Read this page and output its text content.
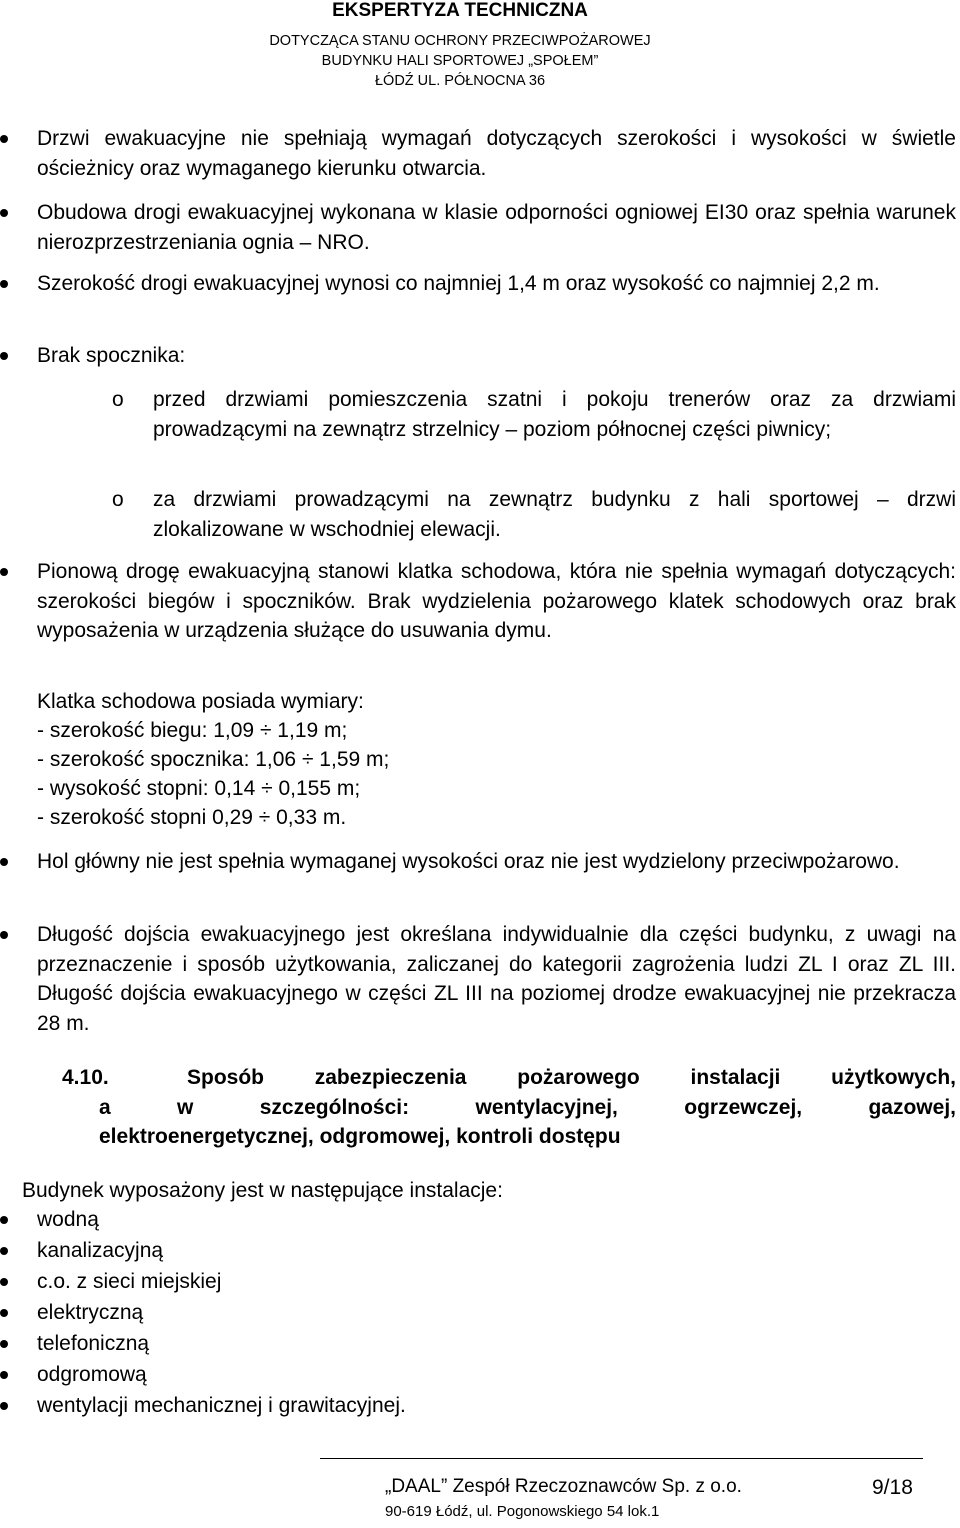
EKSPERTYZA TECHNICZNA
DOTYCZĄCA STANU OCHRONY PRZECIWPOŻAROWEJ
BUDYNKU HALI SPORTOWEJ „SPOŁEM”
ŁÓDŹ UL. PÓŁNOCNA 36
Drzwi ewakuacyjne nie spełniają wymagań dotyczących szerokości i wysokości w świetle ościeżnicy oraz wymaganego kierunku otwarcia.
Obudowa drogi ewakuacyjnej wykonana w klasie odporności ogniowej EI30 oraz spełnia warunek nierozprzestrzeniania ognia – NRO.
Szerokość drogi ewakuacyjnej wynosi co najmniej 1,4 m oraz wysokość co najmniej 2,2 m.
Brak spocznika:
o przed drzwiami pomieszczenia szatni i pokoju trenerów oraz za drzwiami prowadzącymi na zewnątrz strzelnicy – poziom północnej części piwnicy;
o za drzwiami prowadzącymi na zewnątrz budynku z hali sportowej – drzwi zlokalizowane w wschodniej elewacji.
Pionową drogę ewakuacyjną stanowi klatka schodowa, która nie spełnia wymagań dotyczących: szerokości biegów i spoczników. Brak wydzielenia pożarowego klatek schodowych oraz brak wyposażenia w urządzenia służące do usuwania dymu.
Klatka schodowa posiada wymiary:
- szerokość biegu: 1,09 ÷ 1,19 m;
- szerokość spocznika: 1,06 ÷ 1,59 m;
- wysokość stopni: 0,14 ÷ 0,155 m;
- szerokość stopni 0,29 ÷ 0,33 m.
Hol główny nie jest spełnia wymaganej wysokości oraz nie jest wydzielony przeciwpożarowo.
Długość dojścia ewakuacyjnego jest określana indywidualnie dla części budynku, z uwagi na przeznaczenie i sposób użytkowania, zaliczanej do kategorii zagrożenia ludzi ZL I oraz ZL III. Długość dojścia ewakuacyjnego w części ZL III na poziomej drodze ewakuacyjnej nie przekracza 28 m.
4.10.	Sposób zabezpieczenia pożarowego instalacji użytkowych,
a w szczególności: wentylacyjnej, ogrzewczej, gazowej,
elektroenergetycznej, odgromowej, kontroli dostępu
Budynek wyposażony jest w następujące instalacje:
wodną
kanalizacyjną
c.o. z sieci miejskiej
elektryczną
telefoniczną
odgromową
wentylacji mechanicznej i grawitacyjnej.
„DAAL” Zespół Rzeczoznawców Sp. z o.o.
90-619 Łódź, ul. Pogonowskiego 54 lok.1
9/18
